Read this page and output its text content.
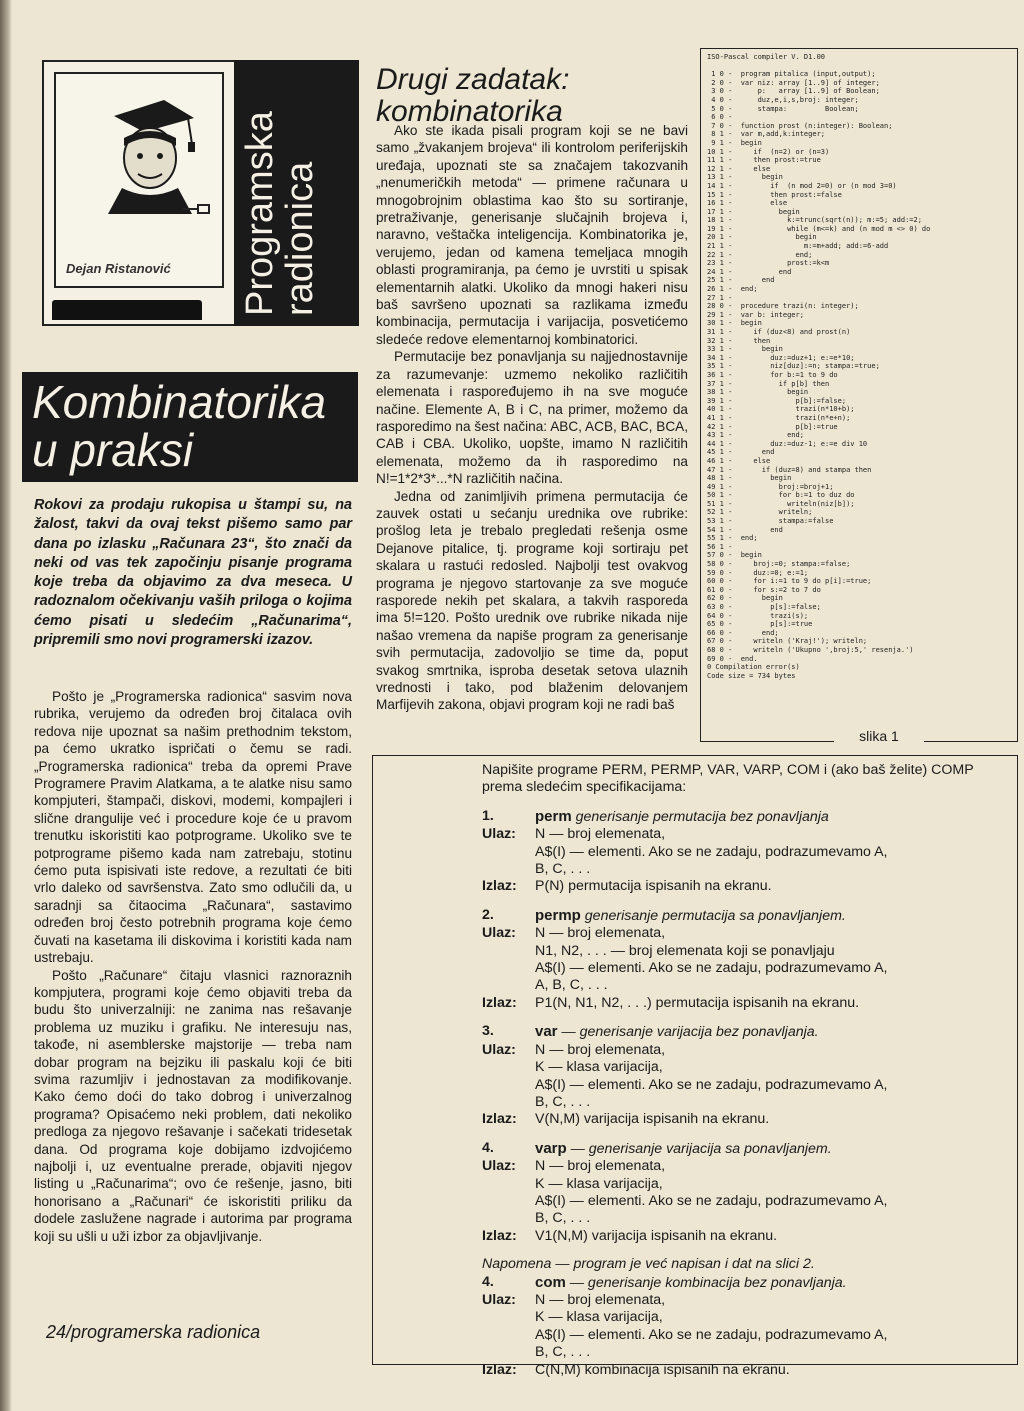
Dejan Ristanović Programska
radionica
Kombinatorika
u praksi
Rokovi za prodaju rukopisa u štampi su, na žalost, takvi da ovaj tekst pišemo samo par dana po izlasku „Računara 23“, što znači da neki od vas tek započinju pisanje programa koje treba da objavimo za dva meseca. U radoznalom očekivanju vaših priloga o kojima ćemo pisati u sledećim „Računarima“, pripremili smo novi programerski izazov.

Pošto je „Programerska radionica“ sasvim nova rubrika, verujemo da određen broj čitalaca ovih redova nije upoznat sa našim prethodnim tekstom, pa ćemo ukratko ispričati o čemu se radi. „Programerska radionica“ treba da opremi Prave Programere Pravim Alatkama, a te alatke nisu samo kompjuteri, štampači, diskovi, modemi, kompajleri i slične drangulije već i procedure koje će u pravom trenutku iskoristiti kao potprograme. Ukoliko sve te potprograme pišemo kada nam zatrebaju, stotinu ćemo puta ispisivati iste redove, a rezultati će biti vrlo daleko od savršenstva. Zato smo odlučili da, u saradnji sa čitaocima „Računara“, sastavimo određen broj često potrebnih programa koje ćemo čuvati na kasetama ili diskovima i koristiti kada nam ustrebaju.

Pošto „Računare“ čitaju vlasnici raznoraznih kompjutera, programi koje ćemo objaviti treba da budu što univerzalniji: ne zanima nas rešavanje problema uz muziku i grafiku. Ne interesuju nas, takođe, ni asemblerske majstorije — treba nam dobar program na bejziku ili paskalu koji će biti svima razumljiv i jednostavan za modifikovanje. Kako ćemo doći do tako dobrog i univerzalnog programa? Opisaćemo neki problem, dati nekoliko predloga za njegovo rešavanje i sačekati tridesetak dana. Od programa koje dobijamo izdvojićemo najbolji i, uz eventualne prerade, objaviti njegov listing u „Računarima“; ovo će rešenje, jasno, biti honorisano a „Računari“ će iskoristiti priliku da dodele zaslužene nagrade i autorima par programa koji su ušli u uži izbor za objavljivanje.

24/programerska radionica
Drugi zadatak:
kombinatorika

Ako ste ikada pisali program koji se ne bavi samo „žvakanjem brojeva“ ili kontrolom periferijskih uređaja, upoznati ste sa značajem takozvanih „nenumeričkih metoda“ — primene računara u mnogobrojnim oblastima kao što su sortiranje, pretraživanje, generisanje slučajnih brojeva i, naravno, veštačka inteligencija. Kombinatorika je, verujemo, jedan od kamena temeljaca mnogih oblasti programiranja, pa ćemo je uvrstiti u spisak elementarnih alatki. Ukoliko da mnogi hakeri nisu baš savršeno upoznati sa razlikama između kombinacija, permutacija i varijacija, posvetićemo sledeće redove elementarnoj kombinatorici.

Permutacije bez ponavljanja su najjednostavnije za razumevanje: uzmemo nekoliko različitih elemenata i raspoređujemo ih na sve moguće načine. Elemente A, B i C, na primer, možemo da rasporedimo na šest načina: ABC, ACB, BAC, BCA, CAB i CBA. Ukoliko, uopšte, imamo N različitih elemenata, možemo da ih rasporedimo na N!=1*2*3*...*N različitih načina.

Jedna od zanimljivih primena permutacija će zauvek ostati u sećanju urednika ove rubrike: prošlog leta je trebalo pregledati rešenja osme Dejanove pitalice, tj. programe koji sortiraju pet skalara u rastući redosled. Najbolji test ovakvog programa je njegovo startovanje za sve moguće rasporede nekih pet skalara, a takvih rasporeda ima 5!=120. Pošto urednik ove rubrike nikada nije našao vremena da napiše program za generisanje svih permutacija, zadovoljio se time da, poput svakog smrtnika, isproba desetak setova ulaznih vrednosti i tako, pod blaženim delovanjem Marfijevih zakona, objavi program koji ne radi baš

ISO-Pascal compiler V. D1.00

1 0 -  program pitalica (input,output);
2 0 -  var niz: array [1..9] of integer;
3 0 -      p:   array [1..9] of Boolean;
4 0 -      duz,e,i,s,broj: integer;
5 0 -      stampa:         Boolean;
6 0 -
7 0 -  function prost (n:integer): Boolean;
8 1 -  var m,add,k:integer;
9 1 -  begin
10 1 -     if  (n=2) or (n=3)
11 1 -     then prost:=true
12 1 -     else
13 1 -       begin
14 1 -         if  (n mod 2=0) or (n mod 3=0)
15 1 -         then prost:=false
16 1 -         else
17 1 -           begin
18 1 -             k:=trunc(sqrt(n)); m:=5; add:=2;
19 1 -             while (m<=k) and (n mod m <> 0) do
20 1 -               begin
21 1 -                 m:=m+add; add:=6-add
22 1 -               end;
23 1 -             prost:=k<m
24 1 -           end
25 1 -       end
26 1 -  end;
27 1 -
28 0 -  procedure trazi(n: integer);
29 1 -  var b: integer;
30 1 -  begin
31 1 -     if (duz<8) and prost(n)
32 1 -     then
33 1 -       begin
34 1 -         duz:=duz+1; e:=e*10;
35 1 -         niz[duz]:=n; stampa:=true;
36 1 -         for b:=1 to 9 do
37 1 -           if p[b] then
38 1 -             begin
39 1 -               p[b]:=false;
40 1 -               trazi(n*10+b);
41 1 -               trazi(n*e+n);
42 1 -               p[b]:=true
43 1 -             end;
44 1 -         duz:=duz-1; e:=e div 10
45 1 -       end
46 1 -     else
47 1 -       if (duz=8) and stampa then
48 1 -         begin
49 1 -           broj:=broj+1;
50 1 -           for b:=1 to duz do
51 1 -             writeln(niz[b]);
52 1 -           writeln;
53 1 -           stampa:=false
54 1 -         end
55 1 -  end;
56 1 -
57 0 -  begin
58 0 -     broj:=0; stampa:=false;
59 0 -     duz:=0; e:=1;
60 0 -     for i:=1 to 9 do p[i]:=true;
61 0 -     for s:=2 to 7 do
62 0 -       begin
63 0 -         p[s]:=false;
64 0 -         trazi(s);
65 0 -         p[s]:=true
66 0 -       end;
67 0 -     writeln ('Kraj!'); writeln;
68 0 -     writeln ('Ukupno ',broj:5,' resenja.')
69 0 -  end.
0 Compilation error(s)
Code size = 734 bytes
slika 1
Napišite programe PERM, PERMP, VAR, VARP, COM i (ako baš želite) COMP prema sledećim specifikacijama:
1.	perm generisanje permutacija bez ponavljanja
Ulaz:	N — broj elemenata,
A$(I) — elementi. Ako se ne zadaju, podrazumevamo A,
B, C, . . .
Izlaz:	P(N) permutacija ispisanih na ekranu.
2.	permp generisanje permutacija sa ponavljanjem.
Ulaz:	N — broj elemenata,
N1, N2, . . . — broj elemenata koji se ponavljaju
A$(I) — elementi. Ako se ne zadaju, podrazumevamo A,
A, B, C, . . .
Izlaz:	P1(N, N1, N2, . . .) permutacija ispisanih na ekranu.
3.	var — generisanje varijacija bez ponavljanja.
Ulaz:	N — broj elemenata,
K — klasa varijacija,
A$(I) — elementi. Ako se ne zadaju, podrazumevamo A,
B, C, . . .
Izlaz:	V(N,M) varijacija ispisanih na ekranu.
4.	varp — generisanje varijacija sa ponavljanjem.
Ulaz:	N — broj elemenata,
K — klasa varijacija,
A$(I) — elementi. Ako se ne zadaju, podrazumevamo A,
B, C, . . .
Izlaz:	V1(N,M) varijacija ispisanih na ekranu.
Napomena — program je već napisan i dat na slici 2.
4.	com — generisanje kombinacija bez ponavljanja.
Ulaz:	N — broj elemenata,
K — klasa varijacija,
A$(I) — elementi. Ako se ne zadaju, podrazumevamo A,
B, C, . . .
Izlaz:	C(N,M) kombinacija ispisanih na ekranu.
